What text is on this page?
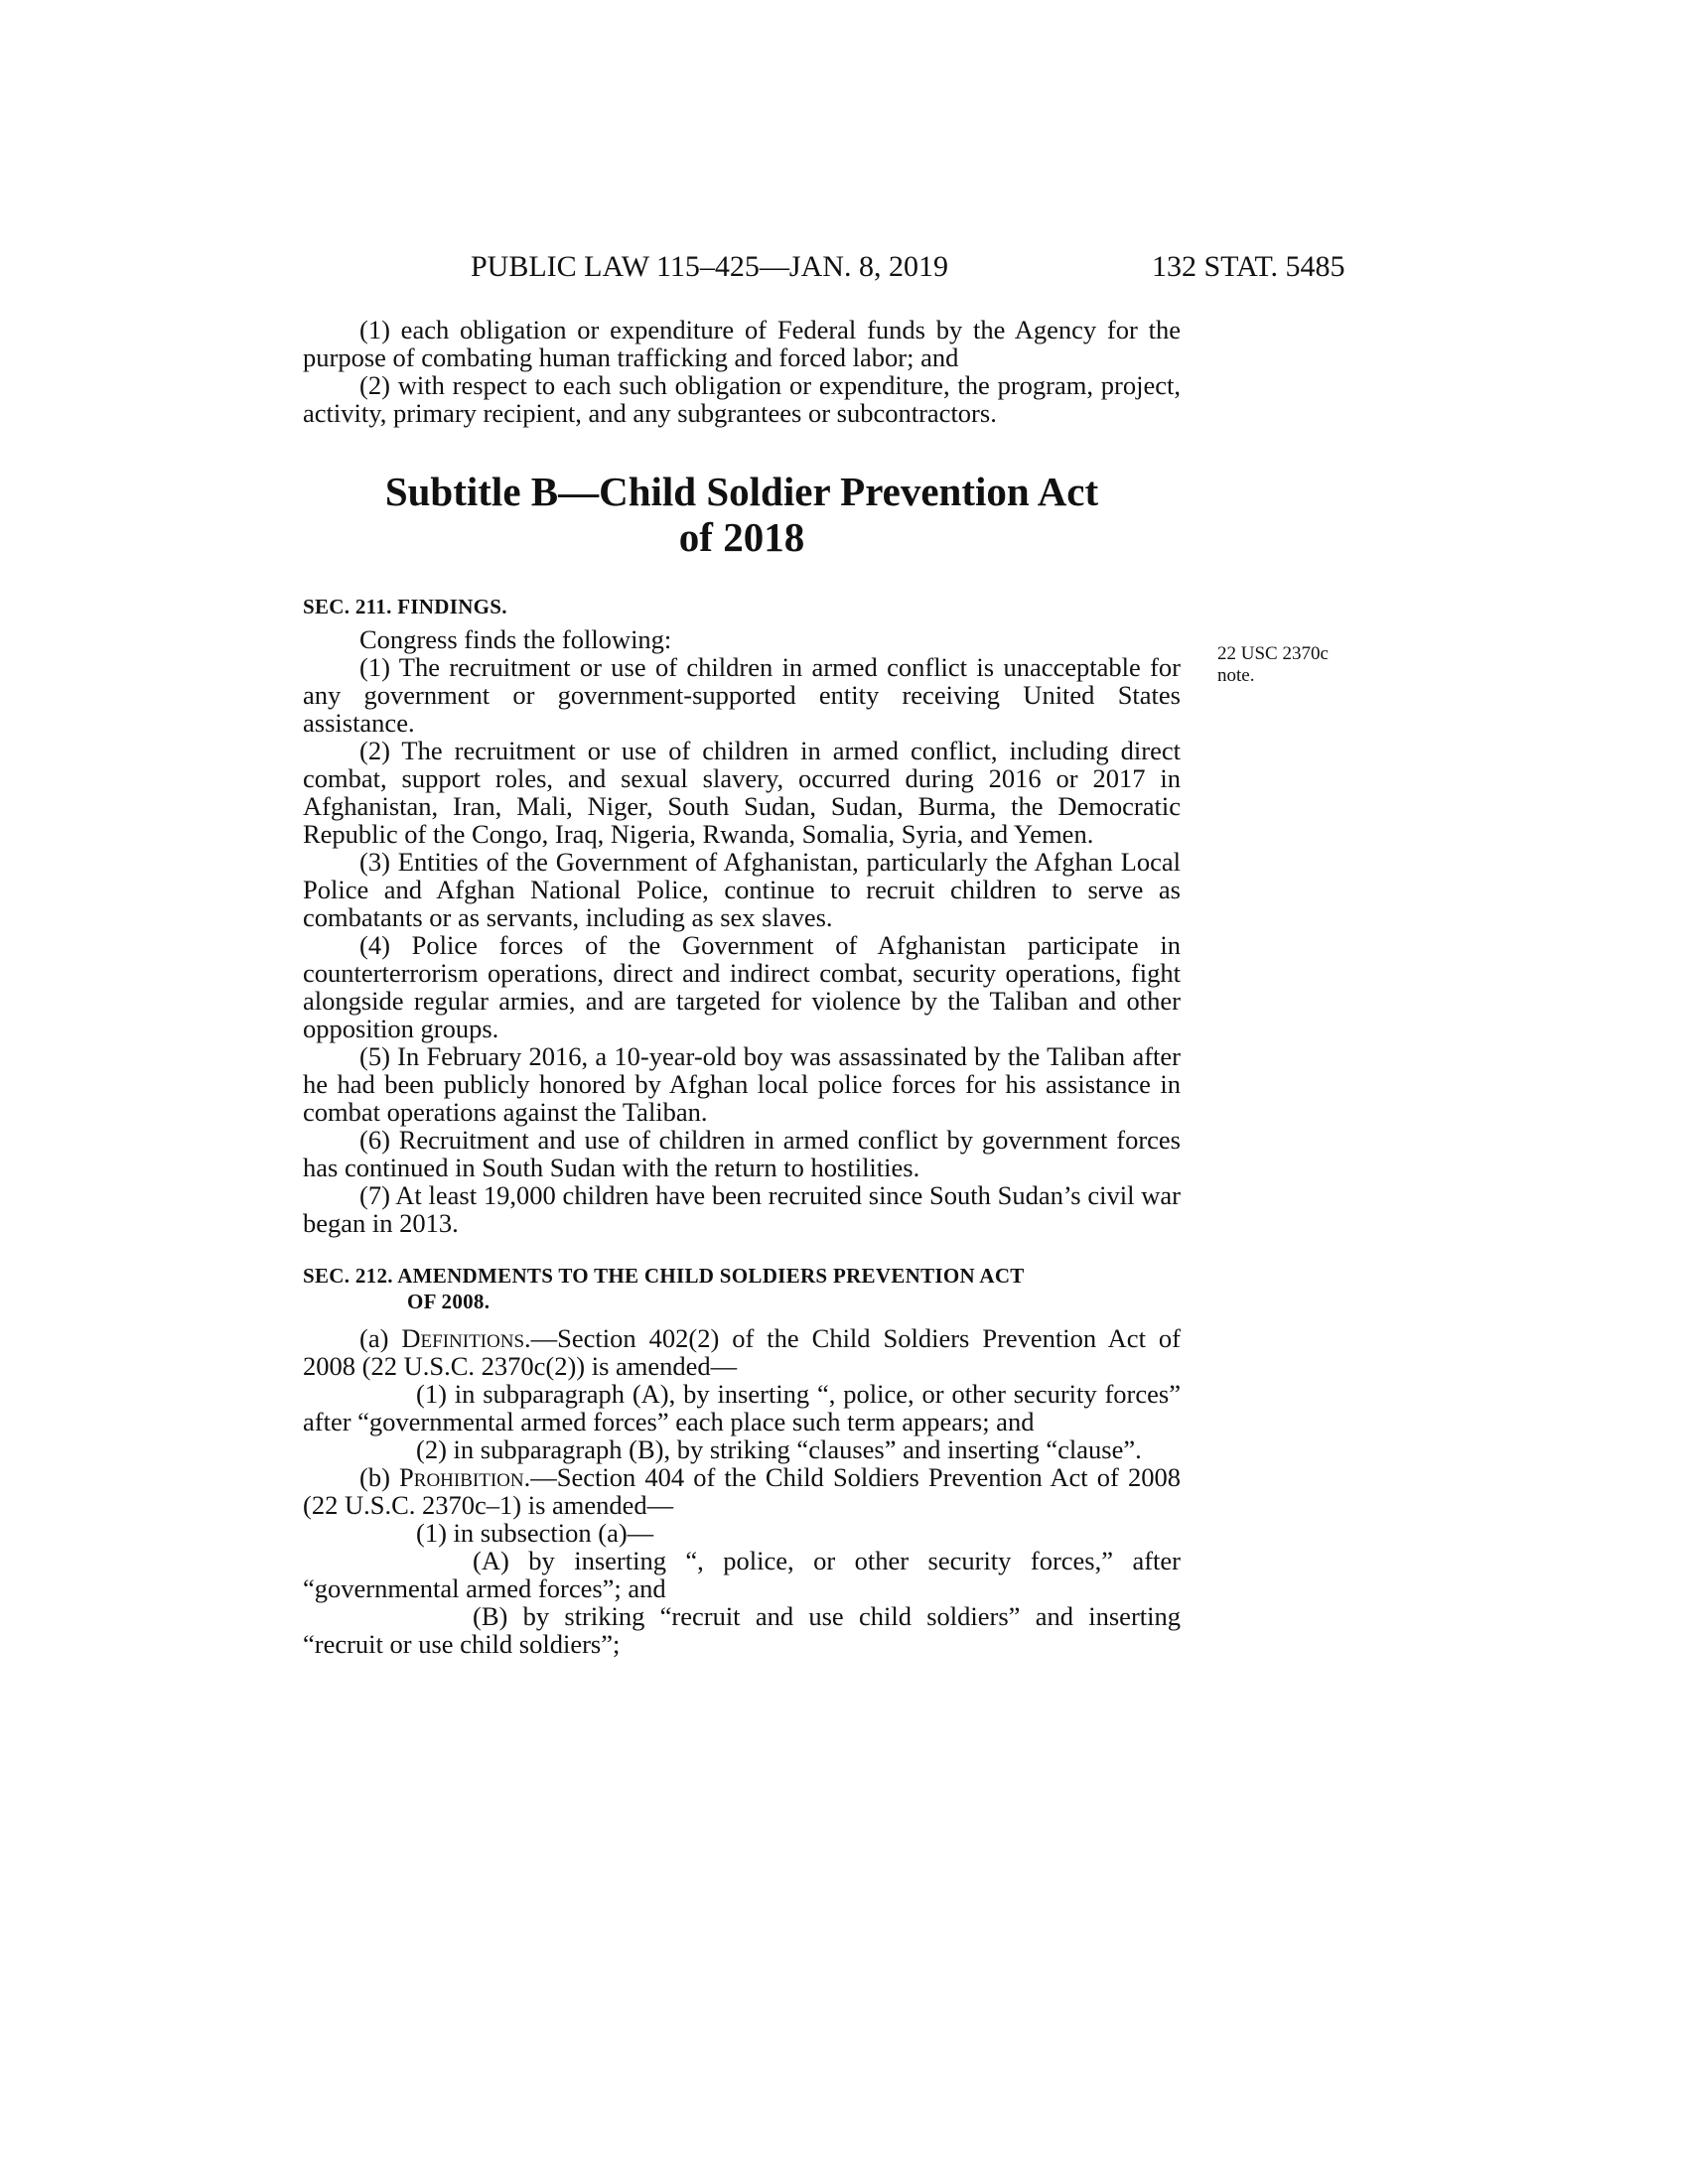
PUBLIC LAW 115–425—JAN. 8, 2019	132 STAT. 5485
22 USC 2370c
note.

(1) each obligation or expenditure of Federal funds by the Agency for the purpose of combating human trafficking and forced labor; and

(2) with respect to each such obligation or expenditure, the program, project, activity, primary recipient, and any subgrantees or subcontractors.

Subtitle B—Child Soldier Prevention Act
of 2018
SEC. 211. FINDINGS.

Congress finds the following:

(1) The recruitment or use of children in armed conflict is unacceptable for any government or government-supported entity receiving United States assistance.

(2) The recruitment or use of children in armed conflict, including direct combat, support roles, and sexual slavery, occurred during 2016 or 2017 in Afghanistan, Iran, Mali, Niger, South Sudan, Sudan, Burma, the Democratic Republic of the Congo, Iraq, Nigeria, Rwanda, Somalia, Syria, and Yemen.

(3) Entities of the Government of Afghanistan, particularly the Afghan Local Police and Afghan National Police, continue to recruit children to serve as combatants or as servants, including as sex slaves.

(4) Police forces of the Government of Afghanistan participate in counterterrorism operations, direct and indirect combat, security operations, fight alongside regular armies, and are targeted for violence by the Taliban and other opposition groups.

(5) In February 2016, a 10-year-old boy was assassinated by the Taliban after he had been publicly honored by Afghan local police forces for his assistance in combat operations against the Taliban.

(6) Recruitment and use of children in armed conflict by government forces has continued in South Sudan with the return to hostilities.

(7) At least 19,000 children have been recruited since South Sudan’s civil war began in 2013.

SEC. 212. AMENDMENTS TO THE CHILD SOLDIERS PREVENTION ACT
OF 2008.

(a) Definitions.—Section 402(2) of the Child Soldiers Prevention Act of 2008 (22 U.S.C. 2370c(2)) is amended—

(1) in subparagraph (A), by inserting “, police, or other security forces” after “governmental armed forces” each place such term appears; and

(2) in subparagraph (B), by striking “clauses” and inserting “clause”.

(b) Prohibition.—Section 404 of the Child Soldiers Prevention Act of 2008 (22 U.S.C. 2370c–1) is amended—

(1) in subsection (a)—

(A) by inserting “, police, or other security forces,” after “governmental armed forces”; and

(B) by striking “recruit and use child soldiers” and inserting “recruit or use child soldiers”;
